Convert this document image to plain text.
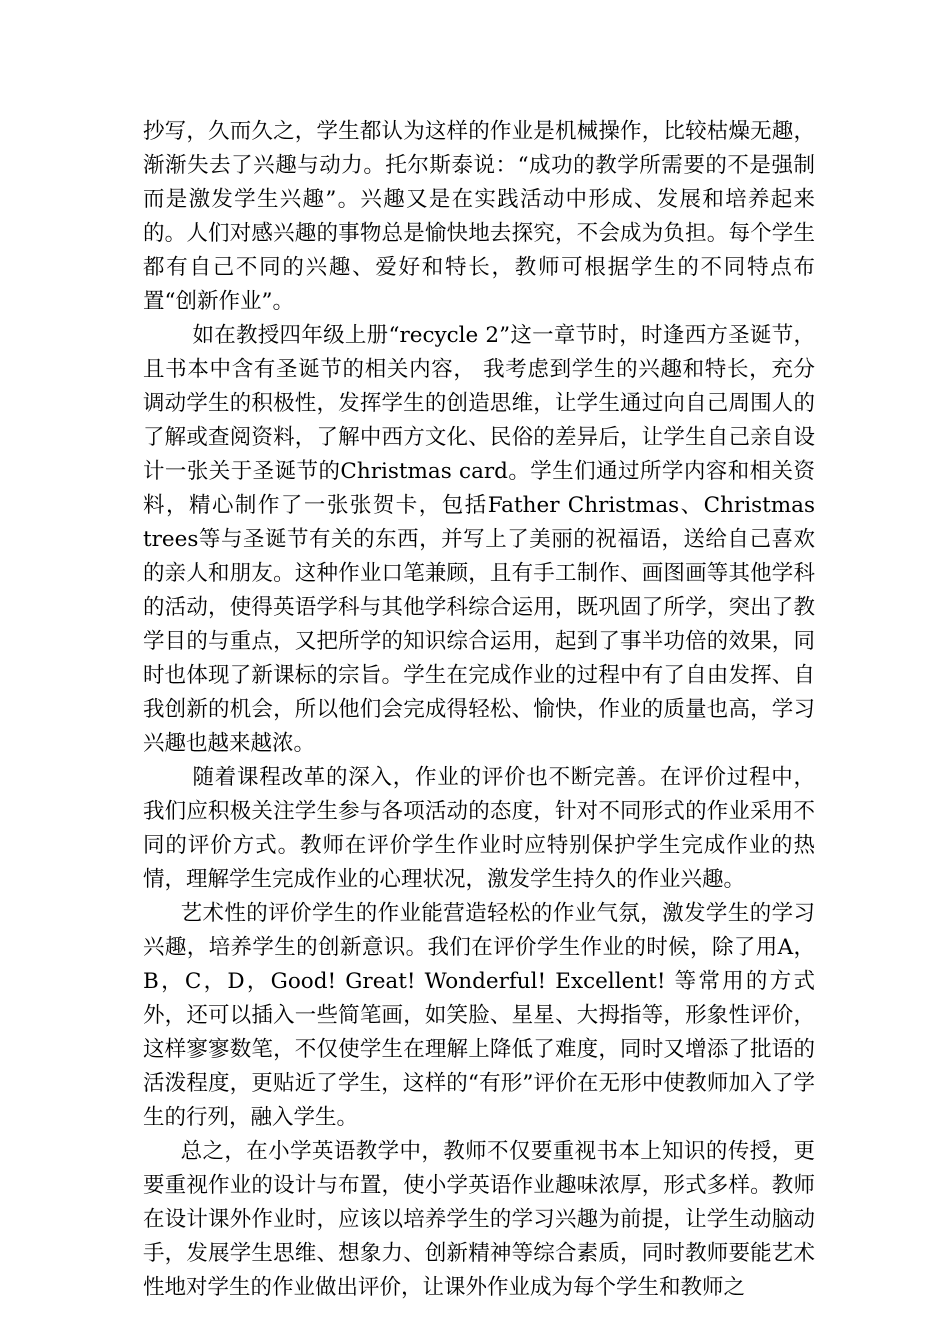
抄写，久而久之，学生都认为这样的作业是机械操作，比较枯燥无趣，渐渐失去了兴趣与动力。托尔斯泰说：“成功的教学所需要的不是强制而是激发学生兴趣”。兴趣又是在实践活动中形成、发展和培养起来的。人们对感兴趣的事物总是愉快地去探究，不会成为负担。每个学生都有自己不同的兴趣、爱好和特长，教师可根据学生的不同特点布置“创新作业”。

如在教授四年级上册“recycle 2”这一章节时，时逢西方圣诞节，且书本中含有圣诞节的相关内容， 我考虑到学生的兴趣和特长，充分调动学生的积极性，发挥学生的创造思维，让学生通过向自己周围人的了解或查阅资料，了解中西方文化、民俗的差异后，让学生自己亲自设计一张关于圣诞节的Christmas card。学生们通过所学内容和相关资料，精心制作了一张张贺卡，包括Father Christmas、Christmas trees等与圣诞节有关的东西，并写上了美丽的祝福语，送给自己喜欢的亲人和朋友。这种作业口笔兼顾，且有手工制作、画图画等其他学科的活动，使得英语学科与其他学科综合运用，既巩固了所学，突出了教学目的与重点，又把所学的知识综合运用，起到了事半功倍的效果，同时也体现了新课标的宗旨。学生在完成作业的过程中有了自由发挥、自我创新的机会，所以他们会完成得轻松、愉快，作业的质量也高，学习兴趣也越来越浓。

随着课程改革的深入，作业的评价也不断完善。在评价过程中，我们应积极关注学生参与各项活动的态度，针对不同形式的作业采用不同的评价方式。教师在评价学生作业时应特别保护学生完成作业的热情，理解学生完成作业的心理状况，激发学生持久的作业兴趣。

艺术性的评价学生的作业能营造轻松的作业气氛，激发学生的学习兴趣，培养学生的创新意识。我们在评价学生作业的时候，除了用A，B，C，D，Good! Great! Wonderful! Excellent! 等常用的方式外，还可以插入一些简笔画，如笑脸、星星、大拇指等，形象性评价，这样寥寥数笔，不仅使学生在理解上降低了难度，同时又增添了批语的活泼程度，更贴近了学生，这样的“有形”评价在无形中使教师加入了学生的行列，融入学生。

总之，在小学英语教学中，教师不仅要重视书本上知识的传授，更要重视作业的设计与布置，使小学英语作业趣味浓厚，形式多样。教师在设计课外作业时，应该以培养学生的学习兴趣为前提，让学生动脑动手，发展学生思维、想象力、创新精神等综合素质，同时教师要能艺术性地对学生的作业做出评价，让课外作业成为每个学生和教师之
